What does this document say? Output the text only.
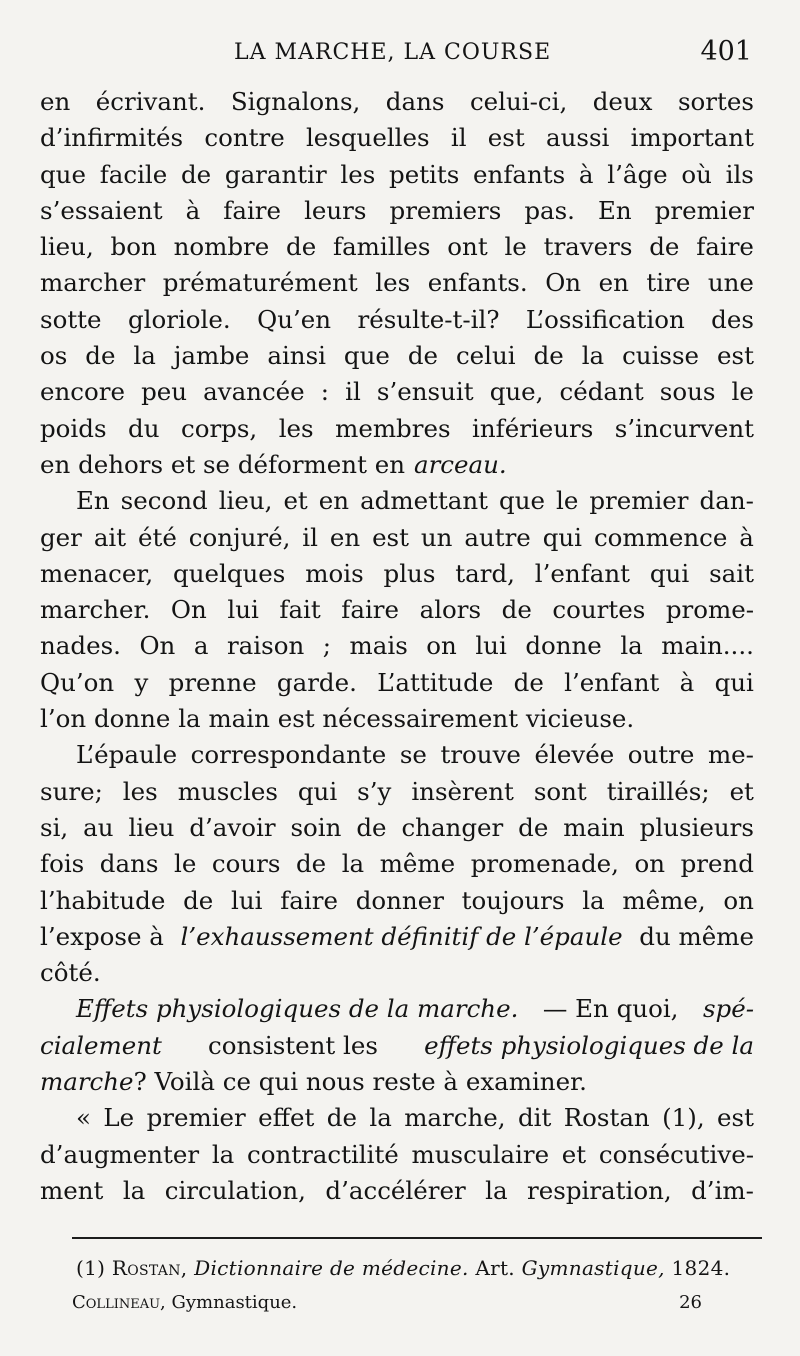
LA MARCHE, LA COURSE	401
en écrivant. Signalons, dans celui-ci, deux sortes
d’infirmités contre lesquelles il est aussi important
que facile de garantir les petits enfants à l’âge où ils
s’essaient à faire leurs premiers pas. En premier
lieu, bon nombre de familles ont le travers de faire
marcher prématurément les enfants. On en tire une
sotte gloriole. Qu’en résulte-t-il? L’ossification des
os de la jambe ainsi que de celui de la cuisse est
encore peu avancée : il s’ensuit que, cédant sous le
poids du corps, les membres inférieurs s’incurvent
en dehors et se déforment en arceau.
En second lieu, et en admettant que le premier dan-
ger ait été conjuré, il en est un autre qui commence à
menacer, quelques mois plus tard, l’enfant qui sait
marcher. On lui fait faire alors de courtes prome-
nades. On a raison ; mais on lui donne la main....
Qu’on y prenne garde. L’attitude de l’enfant à qui
l’on donne la main est nécessairement vicieuse.
L’épaule correspondante se trouve élevée outre me-
sure; les muscles qui s’y insèrent sont tiraillés; et
si, au lieu d’avoir soin de changer de main plusieurs
fois dans le cours de la même promenade, on prend
l’habitude de lui faire donner toujours la même, on
l’expose à l’exhaussement définitif de l’épaule du même
côté.
Effets physiologiques de la marche. — En quoi, spé-
cialement consistent les effets physiologiques de la
marche ? Voilà ce qui nous reste à examiner.
« Le premier effet de la marche, dit Rostan (1), est
d’augmenter la contractilité musculaire et consécutive-
ment la circulation, d’accélérer la respiration, d’im-
(1) Rostan, Dictionnaire de médecine. Art. Gymnastique, 1824.
Collineau, Gymnastique.	26
